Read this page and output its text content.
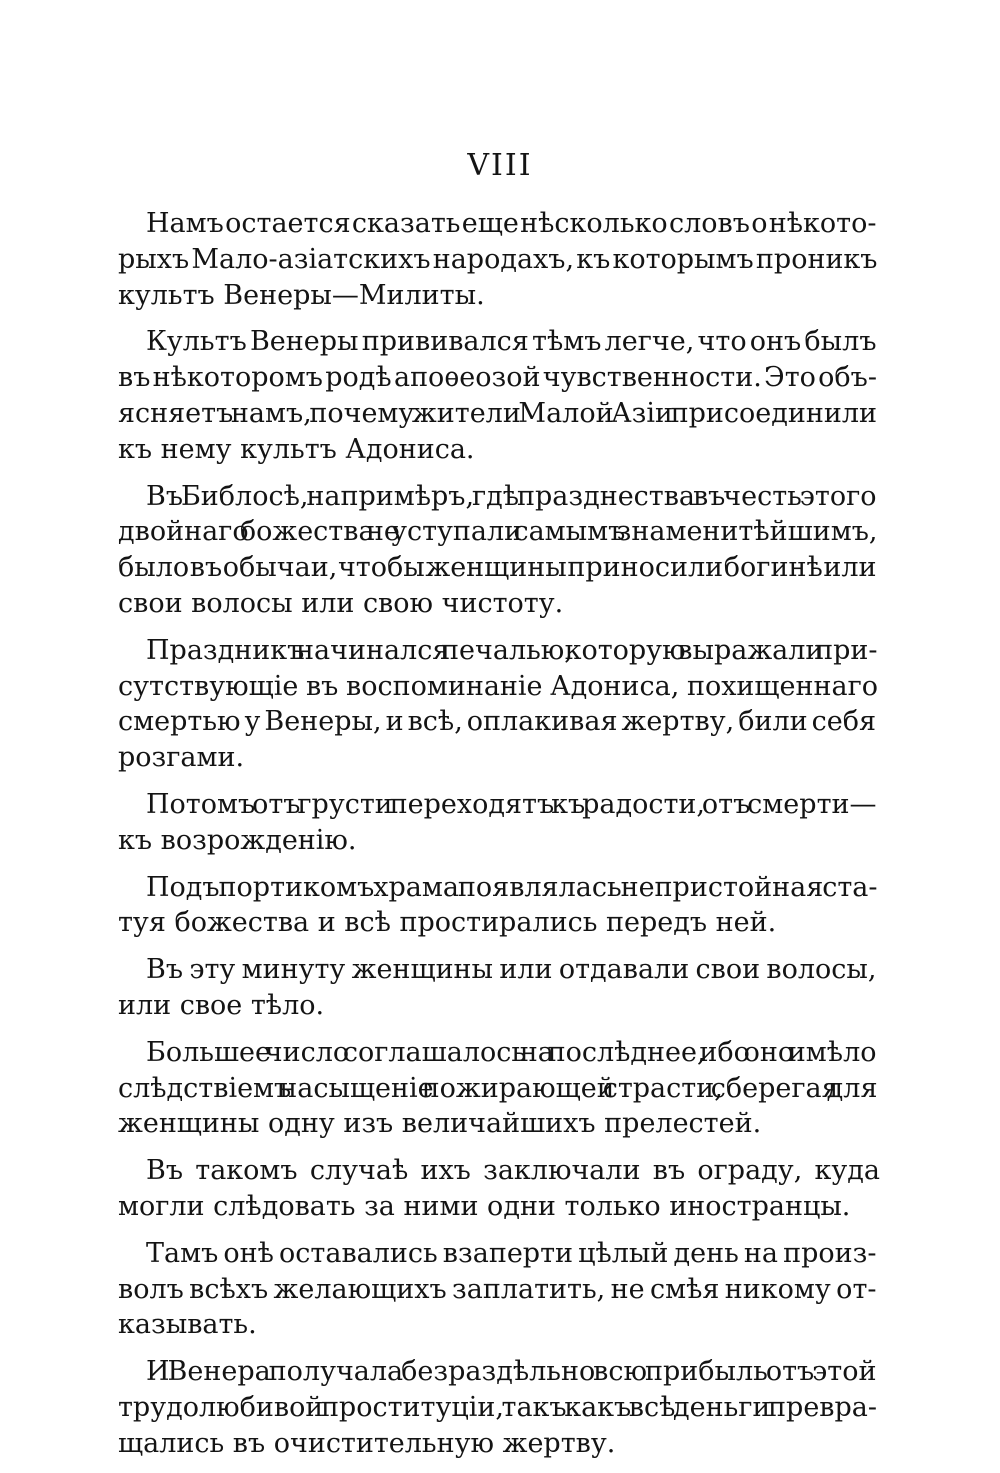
VIII

Намъ остается сказать еще нѣсколько словъ о нѣкото-
рыхъ Мало-азіатскихъ народахъ, къ которымъ проникъ
культъ Венеры—Милиты.

Культъ Венеры прививался тѣмъ легче, что онъ былъ
въ нѣкоторомъ родѣ апоѳеозой чувственности. Это объ-
ясняетъ намъ, почему жители Малой Азіи присоединили
къ нему культъ Адониса.

Въ Библосѣ, напримѣръ, гдѣ празднества въ честь этого
двойнаго божества не уступали самымъ знаменитѣйшимъ,
было въ обычаи, чтобы женщины приносили богинѣ или
свои волосы или свою чистоту.

Праздникъ начинался печалью, которую выражали при-
сутствующіе въ воспоминаніе Адониса, похищеннаго
смертью у Венеры, и всѣ, оплакивая жертву, били себя
розгами.

Потомъ отъ грусти переходятъ къ радости, отъ смерти—
къ возрожденію.

Подъ портикомъ храма появлялась непристойная ста-
туя божества и всѣ простирались передъ ней.

Въ эту минуту женщины или отдавали свои волосы,
или свое тѣло.

Большее число соглашалось на послѣднее, ибо оно имѣло
слѣдствіемъ насыщеніе пожирающей страсти, сберегая для
женщины одну изъ величайшихъ прелестей.

Въ такомъ случаѣ ихъ заключали въ ограду, куда
могли слѣдовать за ними одни только иностранцы.

Тамъ онѣ оставались взаперти цѣлый день на произ-
волъ всѣхъ желающихъ заплатить, не смѣя никому от-
казывать.

И Венера получала безраздѣльно всю прибыль отъ этой
трудолюбивой проституціи, такъ какъ всѣ деньги превра-
щались въ очистительную жертву.
